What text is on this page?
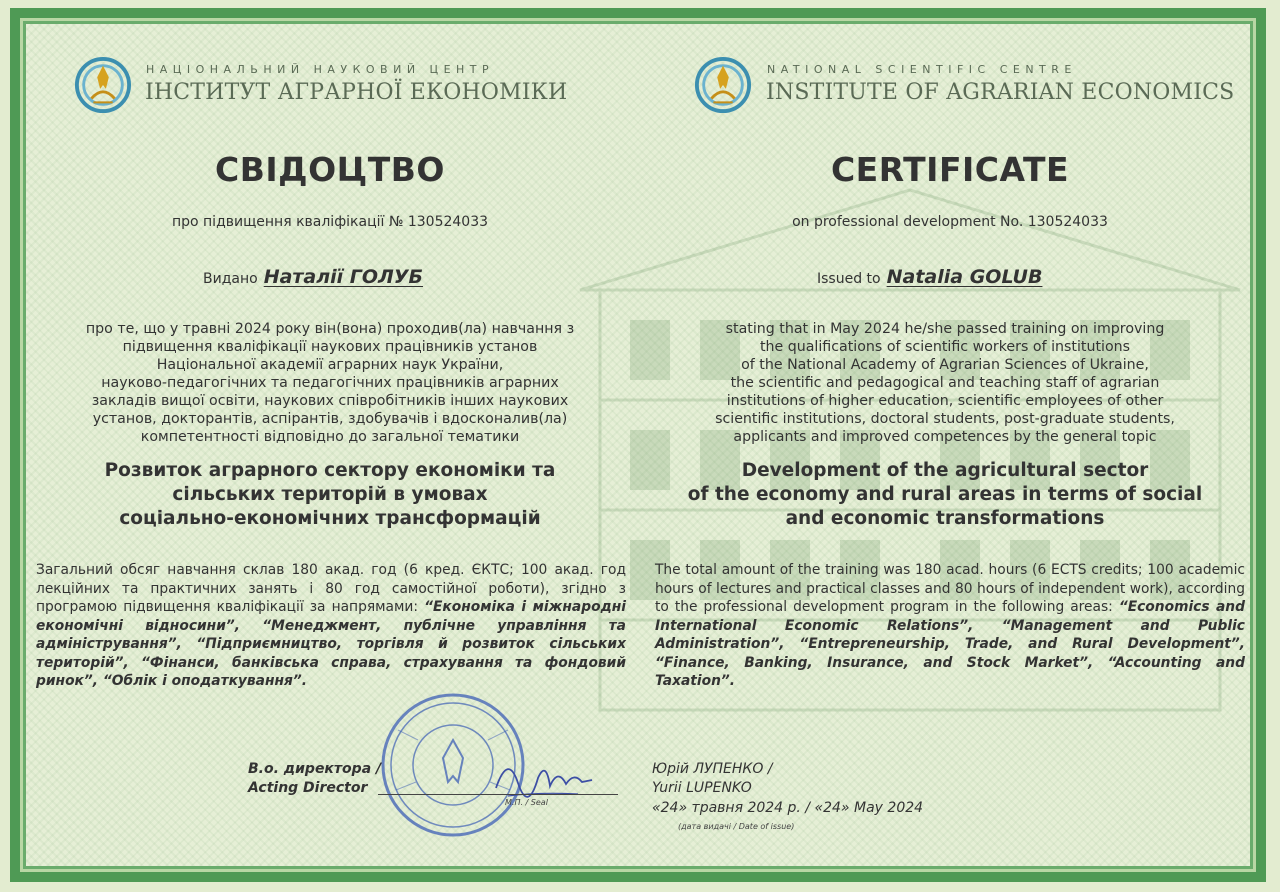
НАЦІОНАЛЬНИЙ НАУКОВИЙ ЦЕНТР
ІНСТИТУТ АГРАРНОЇ ЕКОНОМІКИ
NATIONAL SCIENTIFIC CENTRE
INSTITUTE OF AGRARIAN ECONOMICS
СВІДОЦТВО	CERTIFICATE
про підвищення кваліфікації № 130524033	on professional development No. 130524033
Видано Наталії ГОЛУБ	Issued to Natalia GOLUB
про те, що у травні 2024 року він(вона) проходив(ла) навчання з
підвищення кваліфікації наукових працівників установ
Національної академії аграрних наук України,
науково-педагогічних та педагогічних працівників аграрних
закладів вищої освіти, наукових співробітників інших наукових
установ, докторантів, аспірантів, здобувачів і вдосконалив(ла)
компетентності відповідно до загальної тематики
stating that in May 2024 he/she passed training on improving
the qualifications of scientific workers of institutions
of the National Academy of Agrarian Sciences of Ukraine,
the scientific and pedagogical and teaching staff of agrarian
institutions of higher education, scientific employees of other
scientific institutions, doctoral students, post-graduate students,
applicants and improved competences by the general topic
Розвиток аграрного сектору економіки та
сільських територій в умовах
соціально-економічних трансформацій
Development of the agricultural sector
of the economy and rural areas in terms of social
and economic transformations
Загальний обсяг навчання склав 180 акад. год (6 кред. ЄКТС; 100 акад. год лекційних та практичних занять і 80 год самостійної роботи), згідно з програмою підвищення кваліфікації за напрямами: “Економіка і міжнародні економічні відносини”, “Менеджмент, публічне управління та адміністрування”, “Підприємництво, торгівля й розвиток сільських територій”, “Фінанси, банківська справа, страхування та фондовий ринок”, “Облік і оподаткування”.
The total amount of the training was 180 acad. hours (6 ECTS credits; 100 academic hours of lectures and practical classes and 80 hours of independent work), according to the professional development program in the following areas: “Economics and International Economic Relations”, “Management and Public Administration”, “Entrepreneurship, Trade, and Rural Development”, “Finance, Banking, Insurance, and Stock Market”, “Accounting and Taxation”.
В.о. директора /
Acting Director
М.П. / Seal
Юрій ЛУПЕНКО /
Yurii LUPENKO
«24» травня 2024 р. / «24» May 2024
(дата видачі / Date of issue)
